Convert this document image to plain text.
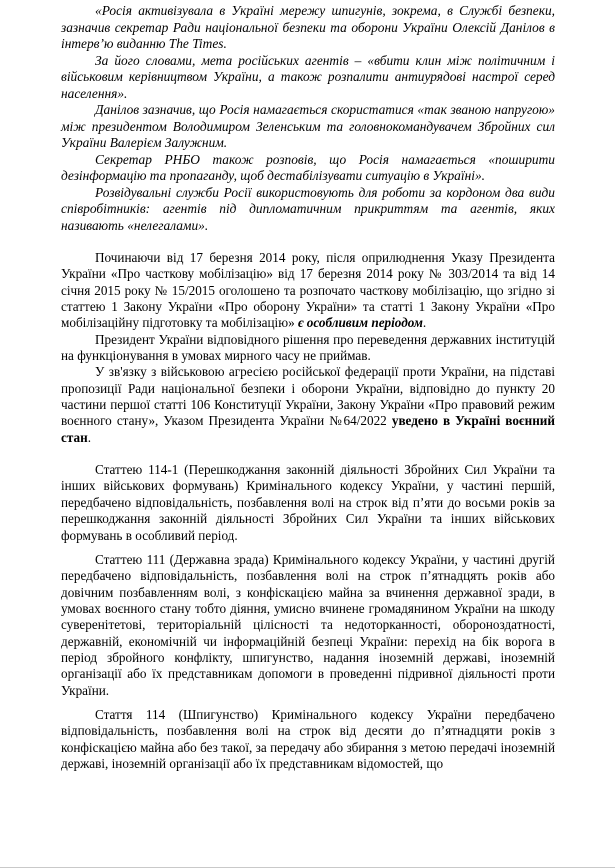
«Росія активізувала в Україні мережу шпигунів, зокрема, в Службі безпеки, зазначив секретар Ради національної безпеки та оборони України Олексій Данілов в інтерв’ю виданню The Times.

За його словами, мета російських агентів – «вбити клин між політичним і військовим керівництвом України, а також розпалити антиурядові настрої серед населення».

Данілов зазначив, що Росія намагається скористатися «так званою напругою» між президентом Володимиром Зеленським та головнокомандувачем Збройних сил України Валерієм Залужним.

Секретар РНБО також розповів, що Росія намагається «поширити дезінформацію та пропаганду, щоб дестабілізувати ситуацію в Україні».

Розвідувальні служби Росії використовують для роботи за кордоном два види співробітників: агентів під дипломатичним прикриттям та агентів, яких називають «нелегалами».

Починаючи від 17 березня 2014 року, після оприлюднення Указу Президента України «Про часткову мобілізацію» від 17 березня 2014 року № 303/2014 та від 14 січня 2015 року № 15/2015 оголошено та розпочато часткову мобілізацію, що згідно зі статтею 1 Закону України «Про оборону України» та статті 1 Закону України «Про мобілізаційну підготовку та мобілізацію» є особливим періодом.

Президент України відповідного рішення про переведення державних інституцій на функціонування в умовах мирного часу не приймав.

У зв'язку з військовою агресією російської федерації проти України, на підставі пропозиції Ради національної безпеки і оборони України, відповідно до пункту 20 частини першої статті 106 Конституції України, Закону України «Про правовий режим воєнного стану», Указом Президента України №64/2022 уведено в Україні воєнний стан.

Статтею 114-1 (Перешкоджання законній діяльності Збройних Сил України та інших військових формувань) Кримінального кодексу України, у частині першій, передбачено відповідальність, позбавлення волі на строк від п’яти до восьми років за перешкоджання законній діяльності Збройних Сил України та інших військових формувань в особливий період.

Статтею 111 (Державна зрада) Кримінального кодексу України, у частині другій передбачено відповідальність, позбавлення волі на строк п’ятнадцять років або довічним позбавленням волі, з конфіскацією майна за вчинення державної зради, в умовах воєнного стану тобто діяння, умисно вчинене громадянином України на шкоду суверенітетові, територіальній цілісності та недоторканності, обороноздатності, державній, економічній чи інформаційній безпеці України: перехід на бік ворога в період збройного конфлікту, шпигунство, надання іноземній державі, іноземній організації або їх представникам допомоги в проведенні підривної діяльності проти України.

Стаття 114 (Шпигунство) Кримінального кодексу України передбачено відповідальність, позбавлення волі на строк від десяти до п’ятнадцяти років з конфіскацією майна або без такої, за передачу або збирання з метою передачі іноземній державі, іноземній організації або їх представникам відомостей, що
